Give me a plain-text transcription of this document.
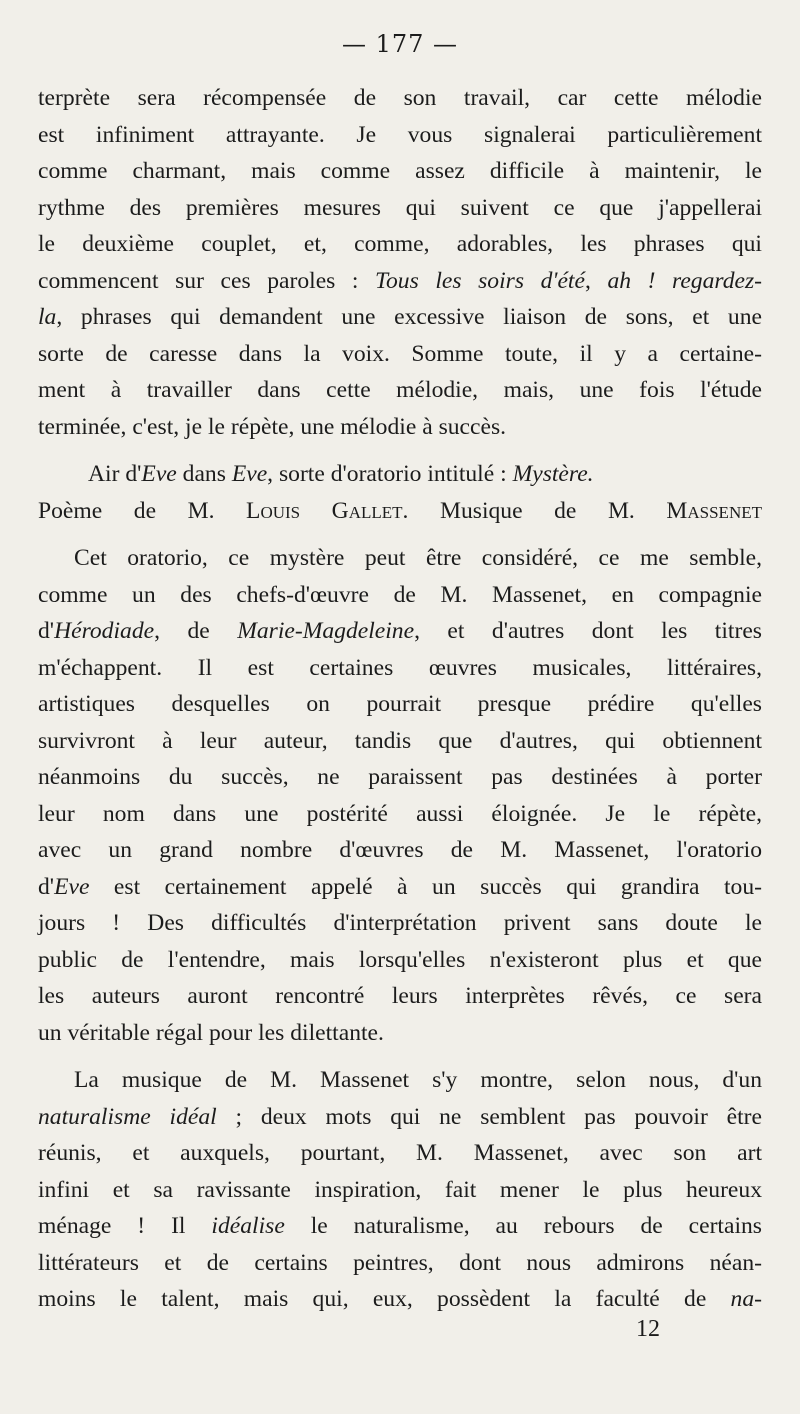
— 177 —
terprète sera récompensée de son travail, car cette mélodie
est infiniment attrayante. Je vous signalerai particulièrement
comme charmant, mais comme assez difficile à maintenir, le
rythme des premières mesures qui suivent ce que j'appellerai
le deuxième couplet, et, comme, adorables, les phrases qui
commencent sur ces paroles : Tous les soirs d'été, ah ! regardez-
la, phrases qui demandent une excessive liaison de sons, et une
sorte de caresse dans la voix. Somme toute, il y a certaine-
ment à travailler dans cette mélodie, mais, une fois l'étude
terminée, c'est, je le répète, une mélodie à succès.
Air d'Eve dans Eve, sorte d'oratorio intitulé : Mystère.
Poème de M. Louis Gallet. Musique de M. Massenet
Cet oratorio, ce mystère peut être considéré, ce me semble,
comme un des chefs-d'œuvre de M. Massenet, en compagnie
d'Hérodiade, de Marie-Magdeleine, et d'autres dont les titres
m'échappent. Il est certaines œuvres musicales, littéraires,
artistiques desquelles on pourrait presque prédire qu'elles
survivront à leur auteur, tandis que d'autres, qui obtiennent
néanmoins du succès, ne paraissent pas destinées à porter
leur nom dans une postérité aussi éloignée. Je le répète,
avec un grand nombre d'œuvres de M. Massenet, l'oratorio
d'Eve est certainement appelé à un succès qui grandira tou-
jours ! Des difficultés d'interprétation privent sans doute le
public de l'entendre, mais lorsqu'elles n'existeront plus et que
les auteurs auront rencontré leurs interprètes rêvés, ce sera
un véritable régal pour les dilettante.
La musique de M. Massenet s'y montre, selon nous, d'un
naturalisme idéal ; deux mots qui ne semblent pas pouvoir être
réunis, et auxquels, pourtant, M. Massenet, avec son art
infini et sa ravissante inspiration, fait mener le plus heureux
ménage ! Il idéalise le naturalisme, au rebours de certains
littérateurs et de certains peintres, dont nous admirons néan-
moins le talent, mais qui, eux, possèdent la faculté de na-
12
